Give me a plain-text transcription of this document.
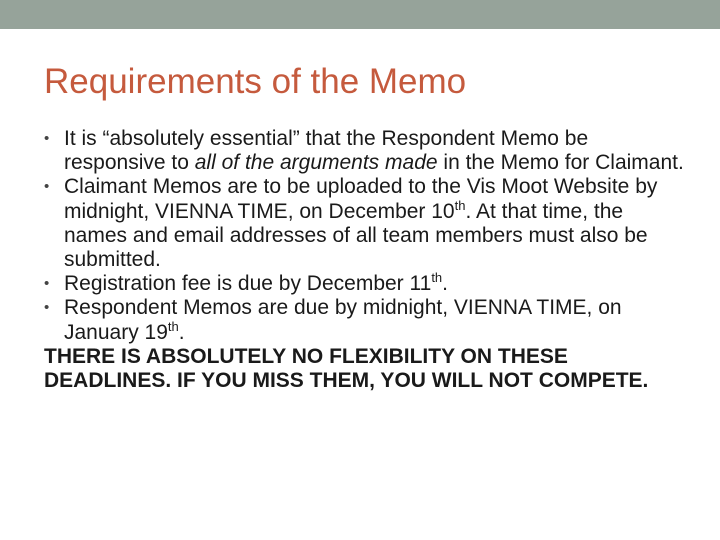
Requirements of the Memo
• It is “absolutely essential” that the Respondent Memo be responsive to all of the arguments made in the Memo for Claimant.
• Claimant Memos are to be uploaded to the Vis Moot Website by midnight, VIENNA TIME, on December 10th. At that time, the names and email addresses of all team members must also be submitted.
• Registration fee is due by December 11th.
• Respondent Memos are due by midnight, VIENNA TIME, on January 19th.
THERE IS ABSOLUTELY NO FLEXIBILITY ON THESE DEADLINES. IF YOU MISS THEM, YOU WILL NOT COMPETE.
